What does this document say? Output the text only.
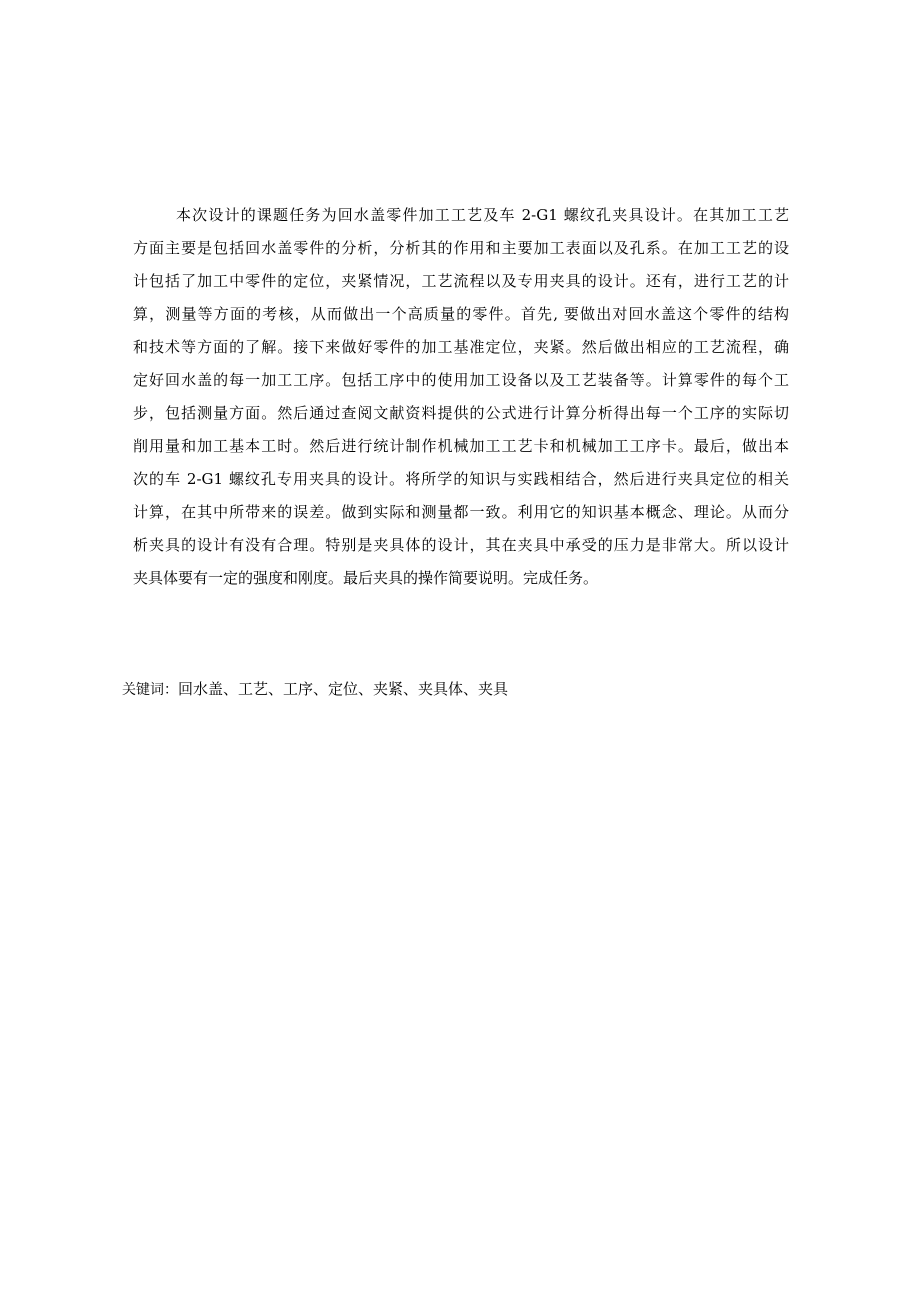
本次设计的课题任务为回水盖零件加工工艺及车 2-G1 螺纹孔夹具设计。在其加工工艺
方面主要是包括回水盖零件的分析，分析其的作用和主要加工表面以及孔系。在加工工艺的设
计包括了加工中零件的定位，夹紧情况，工艺流程以及专用夹具的设计。还有，进行工艺的计
算，测量等方面的考核，从而做出一个高质量的零件。首先, 要做出对回水盖这个零件的结构
和技术等方面的了解。接下来做好零件的加工基准定位，夹紧。然后做出相应的工艺流程，确
定好回水盖的每一加工工序。包括工序中的使用加工设备以及工艺装备等。计算零件的每个工
步，包括测量方面。然后通过查阅文献资料提供的公式进行计算分析得出每一个工序的实际切
削用量和加工基本工时。然后进行统计制作机械加工工艺卡和机械加工工序卡。最后，做出本
次的车 2-G1 螺纹孔专用夹具的设计。将所学的知识与实践相结合，然后进行夹具定位的相关
计算，在其中所带来的误差。做到实际和测量都一致。利用它的知识基本概念、理论。从而分
析夹具的设计有没有合理。特别是夹具体的设计，其在夹具中承受的压力是非常大。所以设计
夹具体要有一定的强度和刚度。最后夹具的操作简要说明。完成任务。
关键词：回水盖、工艺、工序、定位、夹紧、夹具体、夹具
